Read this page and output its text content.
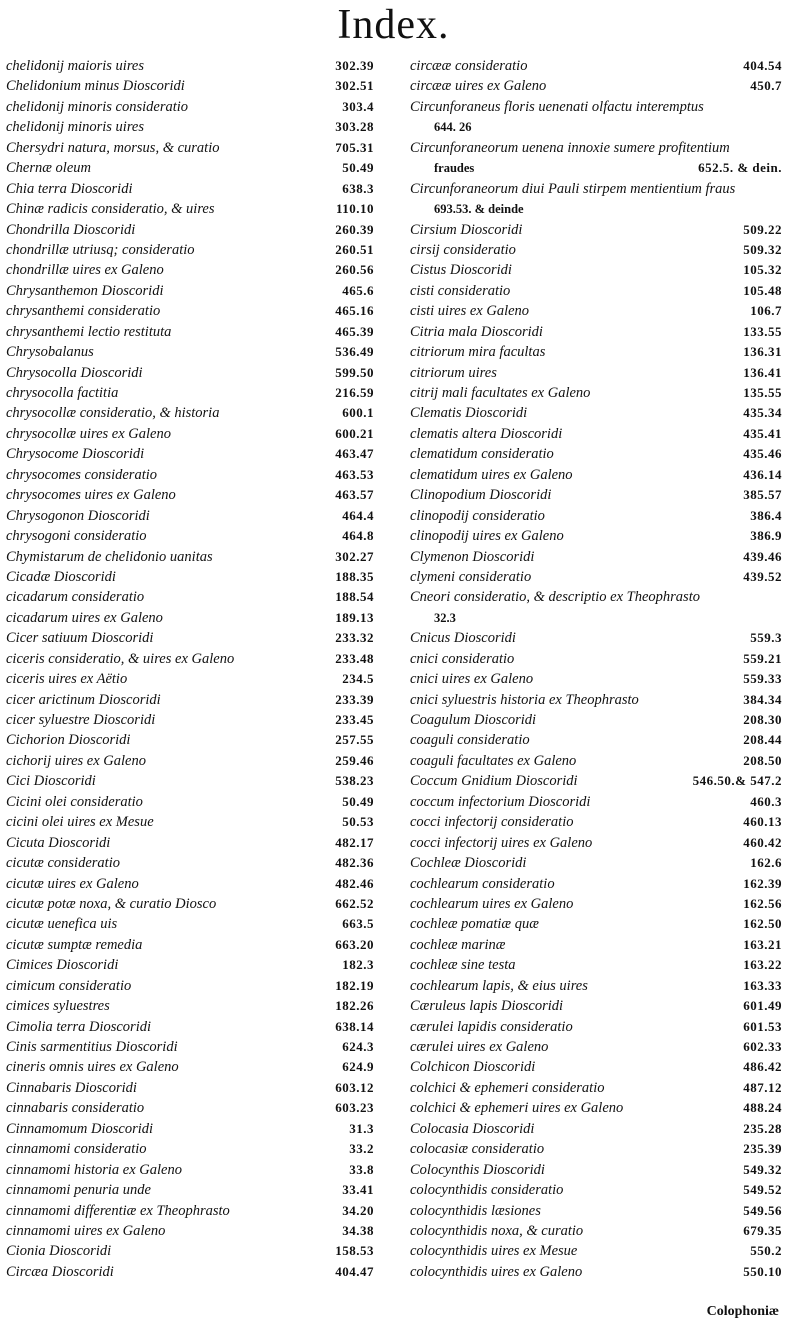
Index.
chelidonij maioris uires	302.39
Chelidonium minus Dioscoridi	302.51
chelidonij minoris consideratio	303.4
chelidonij minoris uires	303.28
Chersydri natura, morsus, & curatio	705.31
Chernæ oleum	50.49
Chia terra Dioscoridi	638.3
Chinæ radicis consideratio, & uires	110.10
Chondrilla Dioscoridi	260.39
chondrillæ utriusq; consideratio	260.51
chondrillæ uires ex Galeno	260.56
Chrysanthemon Dioscoridi	465.6
chrysanthemi consideratio	465.16
chrysanthemi lectio restituta	465.39
Chrysobalanus	536.49
Chrysocolla Dioscoridi	599.50
chrysocolla factitia	216.59
chrysocollæ consideratio, & historia	600.1
chrysocollæ uires ex Galeno	600.21
Chrysocome Dioscoridi	463.47
chrysocomes consideratio	463.53
chrysocomes uires ex Galeno	463.57
Chrysogonon Dioscoridi	464.4
chrysogoni consideratio	464.8
Chymistarum de chelidonio uanitas	302.27
Cicadæ Dioscoridi	188.35
cicadarum consideratio	188.54
cicadarum uires ex Galeno	189.13
Cicer satiuum Dioscoridi	233.32
ciceris consideratio, & uires ex Galeno	233.48
ciceris uires ex Aëtio	234.5
cicer arictinum Dioscoridi	233.39
cicer syluestre Dioscoridi	233.45
Cichorion Dioscoridi	257.55
cichorij uires ex Galeno	259.46
Cici Dioscoridi	538.23
Cicini olei consideratio	50.49
cicini olei uires ex Mesue	50.53
Cicuta Dioscoridi	482.17
cicutæ consideratio	482.36
cicutæ uires ex Galeno	482.46
cicutæ potæ noxa, & curatio Diosco	662.52
cicutæ uenefica uis	663.5
cicutæ sumptæ remedia	663.20
Cimices Dioscoridi	182.3
cimicum consideratio	182.19
cimices syluestres	182.26
Cimolia terra Dioscoridi	638.14
Cinis sarmentitius Dioscoridi	624.3
cineris omnis uires ex Galeno	624.9
Cinnabaris Dioscoridi	603.12
cinnabaris consideratio	603.23
Cinnamomum Dioscoridi	31.3
cinnamomi consideratio	33.2
cinnamomi historia ex Galeno	33.8
cinnamomi penuria unde	33.41
cinnamomi differentiæ ex Theophrasto	34.20
cinnamomi uires ex Galeno	34.38
Cionia Dioscoridi	158.53
Circæa Dioscoridi	404.47
circææ consideratio	404.54
circææ uires ex Galeno	450.7
Circunforaneus floris uenenati olfactu interemptus
644. 26
Circunforaneorum uenena innoxie sumere profitentium
fraudes	652.5. & dein.
Circunforaneorum diui Pauli stirpem mentientium fraus
693.53. & deinde
Cirsium Dioscoridi	509.22
cirsij consideratio	509.32
Cistus Dioscoridi	105.32
cisti consideratio	105.48
cisti uires ex Galeno	106.7
Citria mala Dioscoridi	133.55
citriorum mira facultas	136.31
citriorum uires	136.41
citrij mali facultates ex Galeno	135.55
Clematis Dioscoridi	435.34
clematis altera Dioscoridi	435.41
clematidum consideratio	435.46
clematidum uires ex Galeno	436.14
Clinopodium Dioscoridi	385.57
clinopodij consideratio	386.4
clinopodij uires ex Galeno	386.9
Clymenon Dioscoridi	439.46
clymeni consideratio	439.52
Cneori consideratio, & descriptio ex Theophrasto
32.3
Cnicus Dioscoridi	559.3
cnici consideratio	559.21
cnici uires ex Galeno	559.33
cnici syluestris historia ex Theophrasto	384.34
Coagulum Dioscoridi	208.30
coaguli consideratio	208.44
coaguli facultates ex Galeno	208.50
Coccum Gnidium Dioscoridi	546.50.& 547.2
coccum infectorium Dioscoridi	460.3
cocci infectorij consideratio	460.13
cocci infectorij uires ex Galeno	460.42
Cochleæ Dioscoridi	162.6
cochlearum consideratio	162.39
cochlearum uires ex Galeno	162.56
cochleæ pomatiæ quæ	162.50
cochleæ marinæ	163.21
cochleæ sine testa	163.22
cochlearum lapis, & eius uires	163.33
Cæruleus lapis Dioscoridi	601.49
cærulei lapidis consideratio	601.53
cærulei uires ex Galeno	602.33
Colchicon Dioscoridi	486.42
colchici & ephemeri consideratio	487.12
colchici & ephemeri uires ex Galeno	488.24
Colocasia Dioscoridi	235.28
colocasiæ consideratio	235.39
Colocynthis Dioscoridi	549.32
colocynthidis consideratio	549.52
colocynthidis læsiones	549.56
colocynthidis noxa, & curatio	679.35
colocynthidis uires ex Mesue	550.2
colocynthidis uires ex Galeno	550.10
Colophoniæ
